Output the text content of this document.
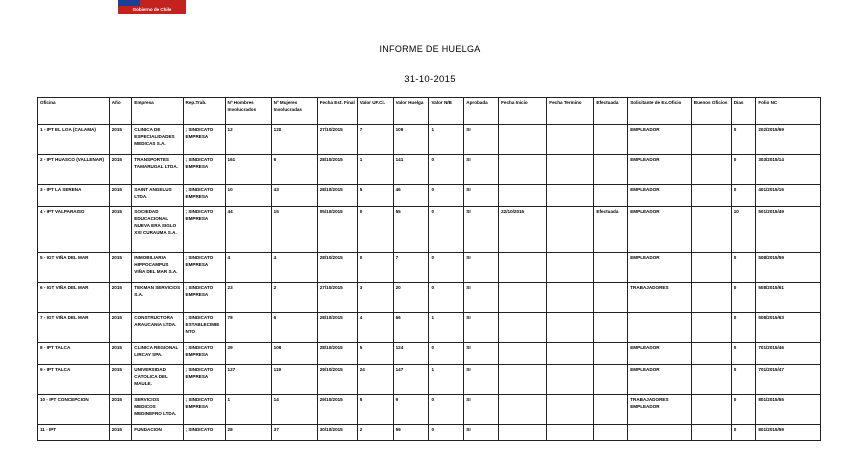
Gobierno de Chile
INFORME DE HUELGA
31-10-2015
Oficina	Año	Empresa	Rep.Trab.	Nº Hombres Involucrados	Nº Mujeres Involucradas	Fecha Est. Final	Valor UF.Ci.	Valor Huelga	Valor N/B	Aprobada	Fecha Inicio	Fecha Termino	Efectuada	Solicitante de Ex.Oficio	Buenos Oficios	Días	Folio NC
1 - IPT EL LOA (CALAMA)	2015	CLINICA DE ESPECIALIDADES MEDICAS S.A.	; SINDICATO EMPRESA	12	120	27/10/2015	7	109	1	SI				EMPLEADOR		0	202/2015/69
2 - IPT HUASCO (VALLENAR)	2015	TRANSPORTES TAMARUGAL LTDA.	; SINDICATO EMPRESA	161	6	28/10/2015	1	141	0	SI				EMPLEADOR		0	303/2015/14
3 - IPT LA SERENA	2015	SAINT ANGELUS LTDA.	; SINDICATO EMPRESA	10	43	28/10/2015	5	46	0	SI				EMPLEADOR		0	401/2015/16
4 - IPT VALPARAISO	2015	SOCIEDAD EDUCACIONAL NUEVA ERA SIGLO XXI CURAUMA S.A.	; SINDICATO EMPRESA	44	15	05/10/2015	0	55	0	SI	22/10/2015		Efectuada	EMPLEADOR		10	501/2015/49
5 - IGT VIÑA DEL MAR	2015	INMOBILIARIA HIPPOCAMPUS VIÑA DEL MAR S.A.	; SINDICATO EMPRESA	4	4	28/10/2015	0	7	0	SI				EMPLEADOR		0	508/2015/59
6 - IGT VIÑA DEL MAR	2015	TEKMAN SERVICIOS S.A.	; SINDICATO EMPRESA	23	2	27/10/2015	3	20	0	SI				TRABAJADORES		0	508/2015/61
7 - IGT VIÑA DEL MAR	2015	CONSTRUCTORA ARAUCANIA LTDA.	; SINDICATO ESTABLECIMIENTO	78	6	28/10/2015	4	66	1	SI						0	508/2015/63
8 - IPT TALCA	2015	CLINICA REGIONAL LIRCAY SPA.	; SINDICATO EMPRESA	29	109	28/10/2015	5	124	0	SI				EMPLEADOR		0	701/2015/46
9 - IPT TALCA	2015	UNIVERSIDAD CATOLICA DEL MAULE.	; SINDICATO EMPRESA	127	119	29/10/2015	24	147	1	SI				EMPLEADOR		0	701/2015/47
10 - IPT CONCEPCION	2015	SERVICIOS MEDICOS MEDINEFRO LTDA.	; SINDICATO EMPRESA	1	14	29/10/2015	5	9	0	SI				TRABAJADORES EMPLEADOR		0	801/2015/55
11 - IPT	2015	FUNDACION	; SINDICATO	28	37	30/10/2015	2	59	0	SI						0	801/2015/59
